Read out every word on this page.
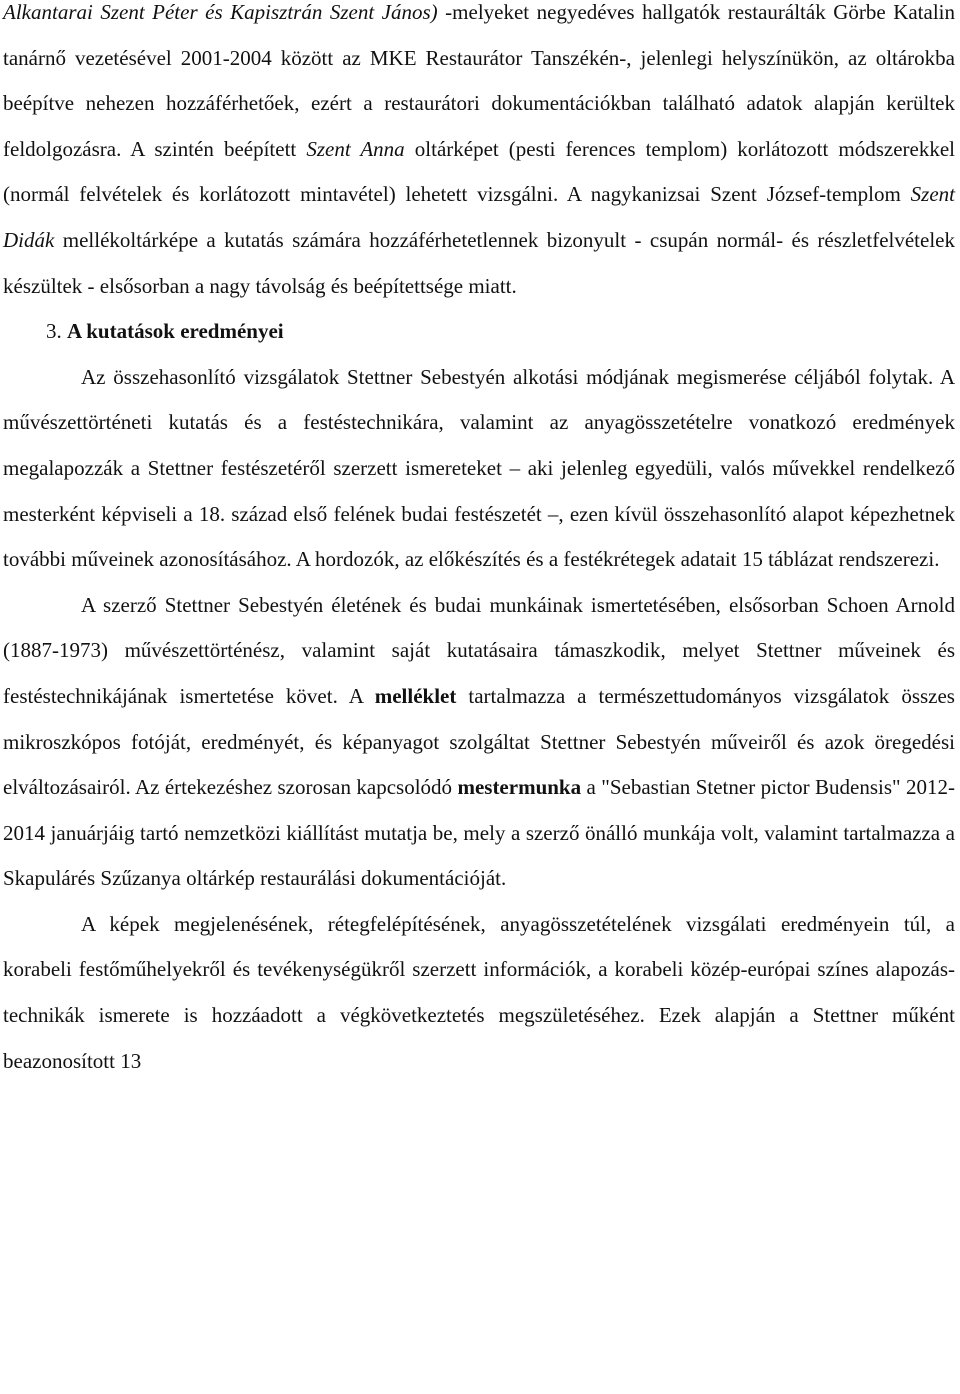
Alkantarai Szent Péter és Kapisztrán Szent János) -melyeket negyedéves hallgatók restaurálták Görbe Katalin tanárnő vezetésével 2001-2004 között az MKE Restaurátor Tanszékén-, jelenlegi helyszínükön, az oltárokba beépítve nehezen hozzáférhetőek, ezért a restaurátori dokumentációkban található adatok alapján kerültek feldolgozásra. A szintén beépített Szent Anna oltárképet (pesti ferences templom) korlátozott módszerekkel (normál felvételek és korlátozott mintavétel) lehetett vizsgálni. A nagykanizsai Szent József-templom Szent Didák mellékoltárképe a kutatás számára hozzáférhetetlennek bizonyult - csupán normál- és részletfelvételek készültek - elsősorban a nagy távolság és beépítettsége miatt.

3. A kutatások eredményei

Az összehasonlító vizsgálatok Stettner Sebestyén alkotási módjának megismerése céljából folytak. A művészettörténeti kutatás és a festéstechnikára, valamint az anyagösszetételre vonatkozó eredmények megalapozzák a Stettner festészetéről szerzett ismereteket – aki jelenleg egyedüli, valós művekkel rendelkező mesterként képviseli a 18. század első felének budai festészetét –, ezen kívül összehasonlító alapot képezhetnek további műveinek azonosításához. A hordozók, az előkészítés és a festékrétegek adatait 15 táblázat rendszerezi.

A szerző Stettner Sebestyén életének és budai munkáinak ismertetésében, elsősorban Schoen Arnold (1887-1973) művészettörténész, valamint saját kutatásaira támaszkodik, melyet Stettner műveinek és festéstechnikájának ismertetése követ. A melléklet tartalmazza a természettudományos vizsgálatok összes mikroszkópos fotóját, eredményét, és képanyagot szolgáltat Stettner Sebestyén műveiről és azok öregedési elváltozásairól. Az értekezéshez szorosan kapcsolódó mestermunka a "Sebastian Stetner pictor Budensis" 2012-2014 januárjáig tartó nemzetközi kiállítást mutatja be, mely a szerző önálló munkája volt, valamint tartalmazza a Skapulárés Szűzanya oltárkép restaurálási dokumentációját.

A képek megjelenésének, rétegfelépítésének, anyagösszetételének vizsgálati eredményein túl, a korabeli festőműhelyekről és tevékenységükről szerzett információk, a korabeli közép-európai színes alapozás-technikák ismerete is hozzáadott a végkövetkeztetés megszületéséhez. Ezek alapján a Stettner műként beazonosított 13
